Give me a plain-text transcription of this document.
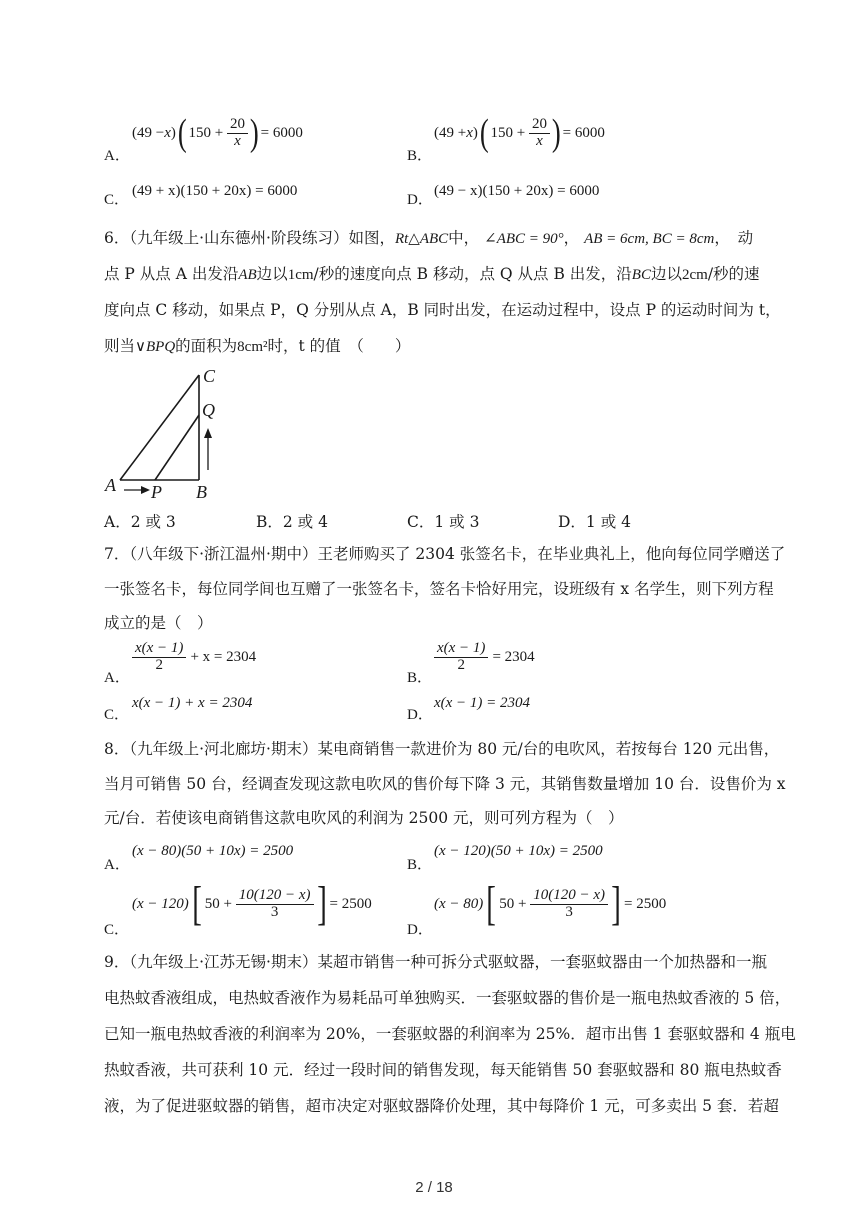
A．
(49 − x ) ( $150 + \frac{20}{x}$ ) = 6000
B．
(49 + x ) ( $150 + \frac{20}{x}$ ) = 6000
C．
(49 + x)(150 + 20x) = 6000
D．
(49 − x)(150 + 20x) = 6000
6．（九年级上·山东德州·阶段练习）如图，Rt△ABC中， ∠ABC = 90°， AB = 6cm, BC = 8cm，　动
点 P 从点 A 出发沿AB边以1cm/秒的速度向点 B 移动，点 Q 从点 B 出发，沿BC边以2cm/秒的速
度向点 C 移动，如果点 P，Q 分别从点 A，B 同时出发，在运动过程中，设点 P 的运动时间为 t，
则当∨BPQ的面积为8cm²时，t 的值　（　　）
C
Q
A P B
A．2 或 3	B．2 或 4	C．1 或 3	D．1 或 4
7．（八年级下·浙江温州·期中）王老师购买了 2304 张签名卡，在毕业典礼上，他向每位同学赠送了
一张签名卡，每位同学间也互赠了一张签名卡，签名卡恰好用完，设班级有 x 名学生，则下列方程
成立的是（　）
A．
$\frac{x(x - 1)}{2} + x = 2304$
B．
$\frac{x(x - 1)}{2} = 2304$
C．
x(x − 1) + x = 2304
D．
x(x − 1) = 2304
8．（九年级上·河北廊坊·期末）某电商销售一款进价为 80 元/台的电吹风，若按每台 120 元出售，
当月可销售 50 台，经调查发现这款电吹风的售价每下降 3 元，其销售数量增加 10 台．设售价为 x
元/台．若使该电商销售这款电吹风的利润为 2500 元，则可列方程为（　）
A．
(x − 80)(50 + 10x) = 2500
B．
(x − 120)(50 + 10x) = 2500
C．
(x − 120) [ 50 +
$\frac{10(120 - x)}{3}$ ] = 2500
D．
(x − 80) [ 50 +
$\frac{10(120 - x)}{3}$ ] = 2500
9．（九年级上·江苏无锡·期末）某超市销售一种可拆分式驱蚊器，一套驱蚊器由一个加热器和一瓶
电热蚊香液组成，电热蚊香液作为易耗品可单独购买．一套驱蚊器的售价是一瓶电热蚊香液的 5 倍，
已知一瓶电热蚊香液的利润率为 20%，一套驱蚊器的利润率为 25%．超市出售 1 套驱蚊器和 4 瓶电
热蚊香液，共可获利 10 元．经过一段时间的销售发现，每天能销售 50 套驱蚊器和 80 瓶电热蚊香
液，为了促进驱蚊器的销售，超市决定对驱蚊器降价处理，其中每降价 1 元，可多卖出 5 套．若超
2 / 18
